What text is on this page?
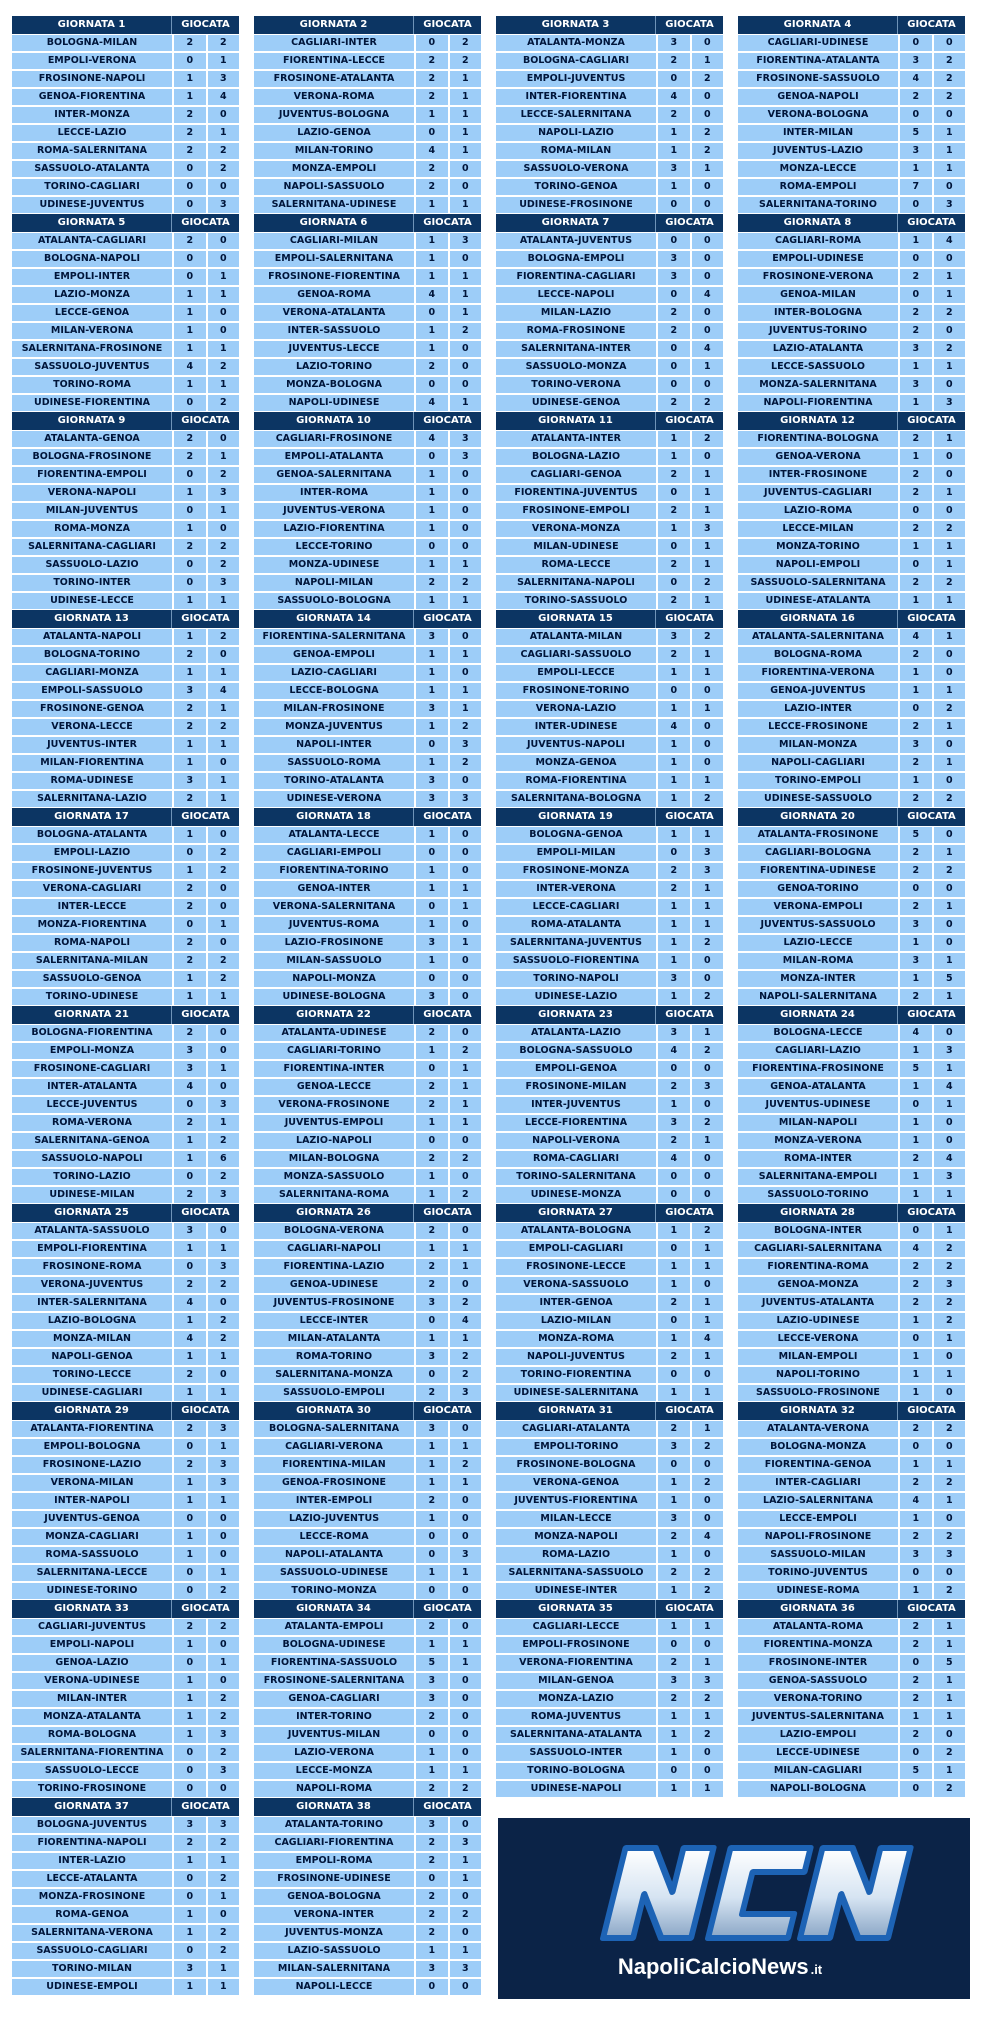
GIORNATA 1	GIOCATA
BOLOGNA-MILAN	2	2
EMPOLI-VERONA	0	1
FROSINONE-NAPOLI	1	3
GENOA-FIORENTINA	1	4
INTER-MONZA	2	0
LECCE-LAZIO	2	1
ROMA-SALERNITANA	2	2
SASSUOLO-ATALANTA	0	2
TORINO-CAGLIARI	0	0
UDINESE-JUVENTUS	0	3
GIORNATA 2	GIOCATA
CAGLIARI-INTER	0	2
FIORENTINA-LECCE	2	2
FROSINONE-ATALANTA	2	1
VERONA-ROMA	2	1
JUVENTUS-BOLOGNA	1	1
LAZIO-GENOA	0	1
MILAN-TORINO	4	1
MONZA-EMPOLI	2	0
NAPOLI-SASSUOLO	2	0
SALERNITANA-UDINESE	1	1
GIORNATA 3	GIOCATA
ATALANTA-MONZA	3	0
BOLOGNA-CAGLIARI	2	1
EMPOLI-JUVENTUS	0	2
INTER-FIORENTINA	4	0
LECCE-SALERNITANA	2	0
NAPOLI-LAZIO	1	2
ROMA-MILAN	1	2
SASSUOLO-VERONA	3	1
TORINO-GENOA	1	0
UDINESE-FROSINONE	0	0
GIORNATA 4	GIOCATA
CAGLIARI-UDINESE	0	0
FIORENTINA-ATALANTA	3	2
FROSINONE-SASSUOLO	4	2
GENOA-NAPOLI	2	2
VERONA-BOLOGNA	0	0
INTER-MILAN	5	1
JUVENTUS-LAZIO	3	1
MONZA-LECCE	1	1
ROMA-EMPOLI	7	0
SALERNITANA-TORINO	0	3
GIORNATA 5	GIOCATA
ATALANTA-CAGLIARI	2	0
BOLOGNA-NAPOLI	0	0
EMPOLI-INTER	0	1
LAZIO-MONZA	1	1
LECCE-GENOA	1	0
MILAN-VERONA	1	0
SALERNITANA-FROSINONE	1	1
SASSUOLO-JUVENTUS	4	2
TORINO-ROMA	1	1
UDINESE-FIORENTINA	0	2
GIORNATA 6	GIOCATA
CAGLIARI-MILAN	1	3
EMPOLI-SALERNITANA	1	0
FROSINONE-FIORENTINA	1	1
GENOA-ROMA	4	1
VERONA-ATALANTA	0	1
INTER-SASSUOLO	1	2
JUVENTUS-LECCE	1	0
LAZIO-TORINO	2	0
MONZA-BOLOGNA	0	0
NAPOLI-UDINESE	4	1
GIORNATA 7	GIOCATA
ATALANTA-JUVENTUS	0	0
BOLOGNA-EMPOLI	3	0
FIORENTINA-CAGLIARI	3	0
LECCE-NAPOLI	0	4
MILAN-LAZIO	2	0
ROMA-FROSINONE	2	0
SALERNITANA-INTER	0	4
SASSUOLO-MONZA	0	1
TORINO-VERONA	0	0
UDINESE-GENOA	2	2
GIORNATA 8	GIOCATA
CAGLIARI-ROMA	1	4
EMPOLI-UDINESE	0	0
FROSINONE-VERONA	2	1
GENOA-MILAN	0	1
INTER-BOLOGNA	2	2
JUVENTUS-TORINO	2	0
LAZIO-ATALANTA	3	2
LECCE-SASSUOLO	1	1
MONZA-SALERNITANA	3	0
NAPOLI-FIORENTINA	1	3
GIORNATA 9	GIOCATA
ATALANTA-GENOA	2	0
BOLOGNA-FROSINONE	2	1
FIORENTINA-EMPOLI	0	2
VERONA-NAPOLI	1	3
MILAN-JUVENTUS	0	1
ROMA-MONZA	1	0
SALERNITANA-CAGLIARI	2	2
SASSUOLO-LAZIO	0	2
TORINO-INTER	0	3
UDINESE-LECCE	1	1
GIORNATA 10	GIOCATA
CAGLIARI-FROSINONE	4	3
EMPOLI-ATALANTA	0	3
GENOA-SALERNITANA	1	0
INTER-ROMA	1	0
JUVENTUS-VERONA	1	0
LAZIO-FIORENTINA	1	0
LECCE-TORINO	0	0
MONZA-UDINESE	1	1
NAPOLI-MILAN	2	2
SASSUOLO-BOLOGNA	1	1
GIORNATA 11	GIOCATA
ATALANTA-INTER	1	2
BOLOGNA-LAZIO	1	0
CAGLIARI-GENOA	2	1
FIORENTINA-JUVENTUS	0	1
FROSINONE-EMPOLI	2	1
VERONA-MONZA	1	3
MILAN-UDINESE	0	1
ROMA-LECCE	2	1
SALERNITANA-NAPOLI	0	2
TORINO-SASSUOLO	2	1
GIORNATA 12	GIOCATA
FIORENTINA-BOLOGNA	2	1
GENOA-VERONA	1	0
INTER-FROSINONE	2	0
JUVENTUS-CAGLIARI	2	1
LAZIO-ROMA	0	0
LECCE-MILAN	2	2
MONZA-TORINO	1	1
NAPOLI-EMPOLI	0	1
SASSUOLO-SALERNITANA	2	2
UDINESE-ATALANTA	1	1
GIORNATA 13	GIOCATA
ATALANTA-NAPOLI	1	2
BOLOGNA-TORINO	2	0
CAGLIARI-MONZA	1	1
EMPOLI-SASSUOLO	3	4
FROSINONE-GENOA	2	1
VERONA-LECCE	2	2
JUVENTUS-INTER	1	1
MILAN-FIORENTINA	1	0
ROMA-UDINESE	3	1
SALERNITANA-LAZIO	2	1
GIORNATA 14	GIOCATA
FIORENTINA-SALERNITANA	3	0
GENOA-EMPOLI	1	1
LAZIO-CAGLIARI	1	0
LECCE-BOLOGNA	1	1
MILAN-FROSINONE	3	1
MONZA-JUVENTUS	1	2
NAPOLI-INTER	0	3
SASSUOLO-ROMA	1	2
TORINO-ATALANTA	3	0
UDINESE-VERONA	3	3
GIORNATA 15	GIOCATA
ATALANTA-MILAN	3	2
CAGLIARI-SASSUOLO	2	1
EMPOLI-LECCE	1	1
FROSINONE-TORINO	0	0
VERONA-LAZIO	1	1
INTER-UDINESE	4	0
JUVENTUS-NAPOLI	1	0
MONZA-GENOA	1	0
ROMA-FIORENTINA	1	1
SALERNITANA-BOLOGNA	1	2
GIORNATA 16	GIOCATA
ATALANTA-SALERNITANA	4	1
BOLOGNA-ROMA	2	0
FIORENTINA-VERONA	1	0
GENOA-JUVENTUS	1	1
LAZIO-INTER	0	2
LECCE-FROSINONE	2	1
MILAN-MONZA	3	0
NAPOLI-CAGLIARI	2	1
TORINO-EMPOLI	1	0
UDINESE-SASSUOLO	2	2
GIORNATA 17	GIOCATA
BOLOGNA-ATALANTA	1	0
EMPOLI-LAZIO	0	2
FROSINONE-JUVENTUS	1	2
VERONA-CAGLIARI	2	0
INTER-LECCE	2	0
MONZA-FIORENTINA	0	1
ROMA-NAPOLI	2	0
SALERNITANA-MILAN	2	2
SASSUOLO-GENOA	1	2
TORINO-UDINESE	1	1
GIORNATA 18	GIOCATA
ATALANTA-LECCE	1	0
CAGLIARI-EMPOLI	0	0
FIORENTINA-TORINO	1	0
GENOA-INTER	1	1
VERONA-SALERNITANA	0	1
JUVENTUS-ROMA	1	0
LAZIO-FROSINONE	3	1
MILAN-SASSUOLO	1	0
NAPOLI-MONZA	0	0
UDINESE-BOLOGNA	3	0
GIORNATA 19	GIOCATA
BOLOGNA-GENOA	1	1
EMPOLI-MILAN	0	3
FROSINONE-MONZA	2	3
INTER-VERONA	2	1
LECCE-CAGLIARI	1	1
ROMA-ATALANTA	1	1
SALERNITANA-JUVENTUS	1	2
SASSUOLO-FIORENTINA	1	0
TORINO-NAPOLI	3	0
UDINESE-LAZIO	1	2
GIORNATA 20	GIOCATA
ATALANTA-FROSINONE	5	0
CAGLIARI-BOLOGNA	2	1
FIORENTINA-UDINESE	2	2
GENOA-TORINO	0	0
VERONA-EMPOLI	2	1
JUVENTUS-SASSUOLO	3	0
LAZIO-LECCE	1	0
MILAN-ROMA	3	1
MONZA-INTER	1	5
NAPOLI-SALERNITANA	2	1
GIORNATA 21	GIOCATA
BOLOGNA-FIORENTINA	2	0
EMPOLI-MONZA	3	0
FROSINONE-CAGLIARI	3	1
INTER-ATALANTA	4	0
LECCE-JUVENTUS	0	3
ROMA-VERONA	2	1
SALERNITANA-GENOA	1	2
SASSUOLO-NAPOLI	1	6
TORINO-LAZIO	0	2
UDINESE-MILAN	2	3
GIORNATA 22	GIOCATA
ATALANTA-UDINESE	2	0
CAGLIARI-TORINO	1	2
FIORENTINA-INTER	0	1
GENOA-LECCE	2	1
VERONA-FROSINONE	2	1
JUVENTUS-EMPOLI	1	1
LAZIO-NAPOLI	0	0
MILAN-BOLOGNA	2	2
MONZA-SASSUOLO	1	0
SALERNITANA-ROMA	1	2
GIORNATA 23	GIOCATA
ATALANTA-LAZIO	3	1
BOLOGNA-SASSUOLO	4	2
EMPOLI-GENOA	0	0
FROSINONE-MILAN	2	3
INTER-JUVENTUS	1	0
LECCE-FIORENTINA	3	2
NAPOLI-VERONA	2	1
ROMA-CAGLIARI	4	0
TORINO-SALERNITANA	0	0
UDINESE-MONZA	0	0
GIORNATA 24	GIOCATA
BOLOGNA-LECCE	4	0
CAGLIARI-LAZIO	1	3
FIORENTINA-FROSINONE	5	1
GENOA-ATALANTA	1	4
JUVENTUS-UDINESE	0	1
MILAN-NAPOLI	1	0
MONZA-VERONA	1	0
ROMA-INTER	2	4
SALERNITANA-EMPOLI	1	3
SASSUOLO-TORINO	1	1
GIORNATA 25	GIOCATA
ATALANTA-SASSUOLO	3	0
EMPOLI-FIORENTINA	1	1
FROSINONE-ROMA	0	3
VERONA-JUVENTUS	2	2
INTER-SALERNITANA	4	0
LAZIO-BOLOGNA	1	2
MONZA-MILAN	4	2
NAPOLI-GENOA	1	1
TORINO-LECCE	2	0
UDINESE-CAGLIARI	1	1
GIORNATA 26	GIOCATA
BOLOGNA-VERONA	2	0
CAGLIARI-NAPOLI	1	1
FIORENTINA-LAZIO	2	1
GENOA-UDINESE	2	0
JUVENTUS-FROSINONE	3	2
LECCE-INTER	0	4
MILAN-ATALANTA	1	1
ROMA-TORINO	3	2
SALERNITANA-MONZA	0	2
SASSUOLO-EMPOLI	2	3
GIORNATA 27	GIOCATA
ATALANTA-BOLOGNA	1	2
EMPOLI-CAGLIARI	0	1
FROSINONE-LECCE	1	1
VERONA-SASSUOLO	1	0
INTER-GENOA	2	1
LAZIO-MILAN	0	1
MONZA-ROMA	1	4
NAPOLI-JUVENTUS	2	1
TORINO-FIORENTINA	0	0
UDINESE-SALERNITANA	1	1
GIORNATA 28	GIOCATA
BOLOGNA-INTER	0	1
CAGLIARI-SALERNITANA	4	2
FIORENTINA-ROMA	2	2
GENOA-MONZA	2	3
JUVENTUS-ATALANTA	2	2
LAZIO-UDINESE	1	2
LECCE-VERONA	0	1
MILAN-EMPOLI	1	0
NAPOLI-TORINO	1	1
SASSUOLO-FROSINONE	1	0
GIORNATA 29	GIOCATA
ATALANTA-FIORENTINA	2	3
EMPOLI-BOLOGNA	0	1
FROSINONE-LAZIO	2	3
VERONA-MILAN	1	3
INTER-NAPOLI	1	1
JUVENTUS-GENOA	0	0
MONZA-CAGLIARI	1	0
ROMA-SASSUOLO	1	0
SALERNITANA-LECCE	0	1
UDINESE-TORINO	0	2
GIORNATA 30	GIOCATA
BOLOGNA-SALERNITANA	3	0
CAGLIARI-VERONA	1	1
FIORENTINA-MILAN	1	2
GENOA-FROSINONE	1	1
INTER-EMPOLI	2	0
LAZIO-JUVENTUS	1	0
LECCE-ROMA	0	0
NAPOLI-ATALANTA	0	3
SASSUOLO-UDINESE	1	1
TORINO-MONZA	0	0
GIORNATA 31	GIOCATA
CAGLIARI-ATALANTA	2	1
EMPOLI-TORINO	3	2
FROSINONE-BOLOGNA	0	0
VERONA-GENOA	1	2
JUVENTUS-FIORENTINA	1	0
MILAN-LECCE	3	0
MONZA-NAPOLI	2	4
ROMA-LAZIO	1	0
SALERNITANA-SASSUOLO	2	2
UDINESE-INTER	1	2
GIORNATA 32	GIOCATA
ATALANTA-VERONA	2	2
BOLOGNA-MONZA	0	0
FIORENTINA-GENOA	1	1
INTER-CAGLIARI	2	2
LAZIO-SALERNITANA	4	1
LECCE-EMPOLI	1	0
NAPOLI-FROSINONE	2	2
SASSUOLO-MILAN	3	3
TORINO-JUVENTUS	0	0
UDINESE-ROMA	1	2
GIORNATA 33	GIOCATA
CAGLIARI-JUVENTUS	2	2
EMPOLI-NAPOLI	1	0
GENOA-LAZIO	0	1
VERONA-UDINESE	1	0
MILAN-INTER	1	2
MONZA-ATALANTA	1	2
ROMA-BOLOGNA	1	3
SALERNITANA-FIORENTINA	0	2
SASSUOLO-LECCE	0	3
TORINO-FROSINONE	0	0
GIORNATA 34	GIOCATA
ATALANTA-EMPOLI	2	0
BOLOGNA-UDINESE	1	1
FIORENTINA-SASSUOLO	5	1
FROSINONE-SALERNITANA	3	0
GENOA-CAGLIARI	3	0
INTER-TORINO	2	0
JUVENTUS-MILAN	0	0
LAZIO-VERONA	1	0
LECCE-MONZA	1	1
NAPOLI-ROMA	2	2
GIORNATA 35	GIOCATA
CAGLIARI-LECCE	1	1
EMPOLI-FROSINONE	0	0
VERONA-FIORENTINA	2	1
MILAN-GENOA	3	3
MONZA-LAZIO	2	2
ROMA-JUVENTUS	1	1
SALERNITANA-ATALANTA	1	2
SASSUOLO-INTER	1	0
TORINO-BOLOGNA	0	0
UDINESE-NAPOLI	1	1
GIORNATA 36	GIOCATA
ATALANTA-ROMA	2	1
FIORENTINA-MONZA	2	1
FROSINONE-INTER	0	5
GENOA-SASSUOLO	2	1
VERONA-TORINO	2	1
JUVENTUS-SALERNITANA	1	1
LAZIO-EMPOLI	2	0
LECCE-UDINESE	0	2
MILAN-CAGLIARI	5	1
NAPOLI-BOLOGNA	0	2
GIORNATA 37	GIOCATA
BOLOGNA-JUVENTUS	3	3
FIORENTINA-NAPOLI	2	2
INTER-LAZIO	1	1
LECCE-ATALANTA	0	2
MONZA-FROSINONE	0	1
ROMA-GENOA	1	0
SALERNITANA-VERONA	1	2
SASSUOLO-CAGLIARI	0	2
TORINO-MILAN	3	1
UDINESE-EMPOLI	1	1
GIORNATA 38	GIOCATA
ATALANTA-TORINO	3	0
CAGLIARI-FIORENTINA	2	3
EMPOLI-ROMA	2	1
FROSINONE-UDINESE	0	1
GENOA-BOLOGNA	2	0
VERONA-INTER	2	2
JUVENTUS-MONZA	2	0
LAZIO-SASSUOLO	1	1
MILAN-SALERNITANA	3	3
NAPOLI-LECCE	0	0
NapoliCalcioNews .it
